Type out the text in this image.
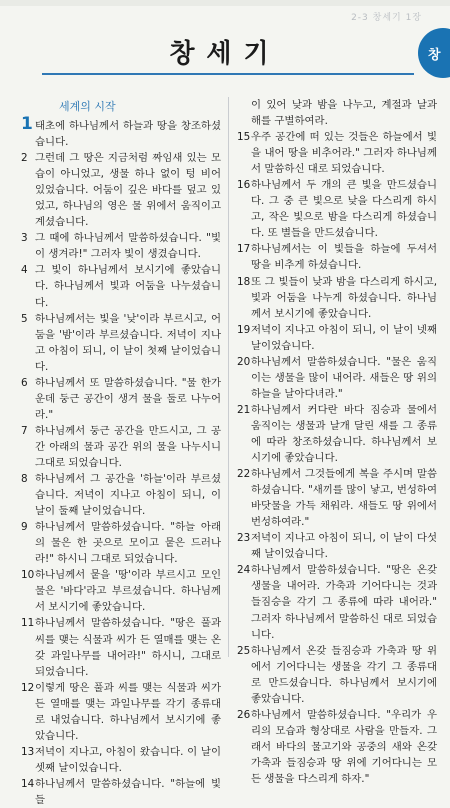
2-3 창세기 1장
창세기	창
세계의 시작

1 태초에 하나님께서 하늘과 땅을 창조하셨습니다.

2 그런데 그 땅은 지금처럼 짜임새 있는 모습이 아니었고, 생물 하나 없이 텅 비어 있었습니다. 어둠이 깊은 바다를 덮고 있었고, 하나님의 영은 물 위에서 움직이고 계셨습니다.

3 그 때에 하나님께서 말씀하셨습니다. "빛이 생겨라!" 그러자 빛이 생겼습니다.

4 그 빛이 하나님께서 보시기에 좋았습니다. 하나님께서 빛과 어둠을 나누셨습니다.

5 하나님께서는 빛을 '낮'이라 부르시고, 어둠을 '밤'이라 부르셨습니다. 저녁이 지나고 아침이 되니, 이 날이 첫째 날이었습니다.

6 하나님께서 또 말씀하셨습니다. "물 한가운데 둥근 공간이 생겨 물을 둘로 나누어라."

7 하나님께서 둥근 공간을 만드시고, 그 공간 아래의 물과 공간 위의 물을 나누시니 그대로 되었습니다.

8 하나님께서 그 공간을 '하늘'이라 부르셨습니다. 저녁이 지나고 아침이 되니, 이 날이 둘째 날이었습니다.

9 하나님께서 말씀하셨습니다. "하늘 아래의 물은 한 곳으로 모이고 뭍은 드러나라!" 하시니 그대로 되었습니다.

10하나님께서 뭍을 '땅'이라 부르시고 모인 물은 '바다'라고 부르셨습니다. 하나님께서 보시기에 좋았습니다.

11하나님께서 말씀하셨습니다. "땅은 풀과 씨를 맺는 식물과 씨가 든 열매를 맺는 온갖 과일나무를 내어라!" 하시니, 그대로 되었습니다.

12이렇게 땅은 풀과 씨를 맺는 식물과 씨가 든 열매를 맺는 과일나무를 각기 종류대로 내었습니다. 하나님께서 보시기에 좋았습니다.

13저녁이 지나고, 아침이 왔습니다. 이 날이 셋째 날이었습니다.

14하나님께서 말씀하셨습니다. "하늘에 빛들

이 있어 낮과 밤을 나누고, 계절과 날과 해를 구별하여라.

15우주 공간에 떠 있는 것들은 하늘에서 빛을 내어 땅을 비추어라." 그러자 하나님께서 말씀하신 대로 되었습니다.

16하나님께서 두 개의 큰 빛을 만드셨습니다. 그 중 큰 빛으로 낮을 다스리게 하시고, 작은 빛으로 밤을 다스리게 하셨습니다. 또 별들을 만드셨습니다.

17하나님께서는 이 빛들을 하늘에 두셔서 땅을 비추게 하셨습니다.

18또 그 빛들이 낮과 밤을 다스리게 하시고, 빛과 어둠을 나누게 하셨습니다. 하나님께서 보시기에 좋았습니다.

19저녁이 지나고 아침이 되니, 이 날이 넷째 날이었습니다.

20하나님께서 말씀하셨습니다. "물은 움직이는 생물을 많이 내어라. 새들은 땅 위의 하늘을 날아다녀라."

21하나님께서 커다란 바다 짐승과 물에서 움직이는 생물과 날개 달린 새를 그 종류에 따라 창조하셨습니다. 하나님께서 보시기에 좋았습니다.

22하나님께서 그것들에게 복을 주시며 말씀하셨습니다. "새끼를 많이 낳고, 번성하여 바닷물을 가득 채워라. 새들도 땅 위에서 번성하여라."

23저녁이 지나고 아침이 되니, 이 날이 다섯째 날이었습니다.

24하나님께서 말씀하셨습니다. "땅은 온갖 생물을 내어라. 가축과 기어다니는 것과 들짐승을 각기 그 종류에 따라 내어라." 그러자 하나님께서 말씀하신 대로 되었습니다.

25하나님께서 온갖 들짐승과 가축과 땅 위에서 기어다니는 생물을 각기 그 종류대로 만드셨습니다. 하나님께서 보시기에 좋았습니다.

26하나님께서 말씀하셨습니다. "우리가 우리의 모습과 형상대로 사람을 만들자. 그래서 바다의 물고기와 공중의 새와 온갖 가축과 들짐승과 땅 위에 기어다니는 모든 생물을 다스리게 하자."
